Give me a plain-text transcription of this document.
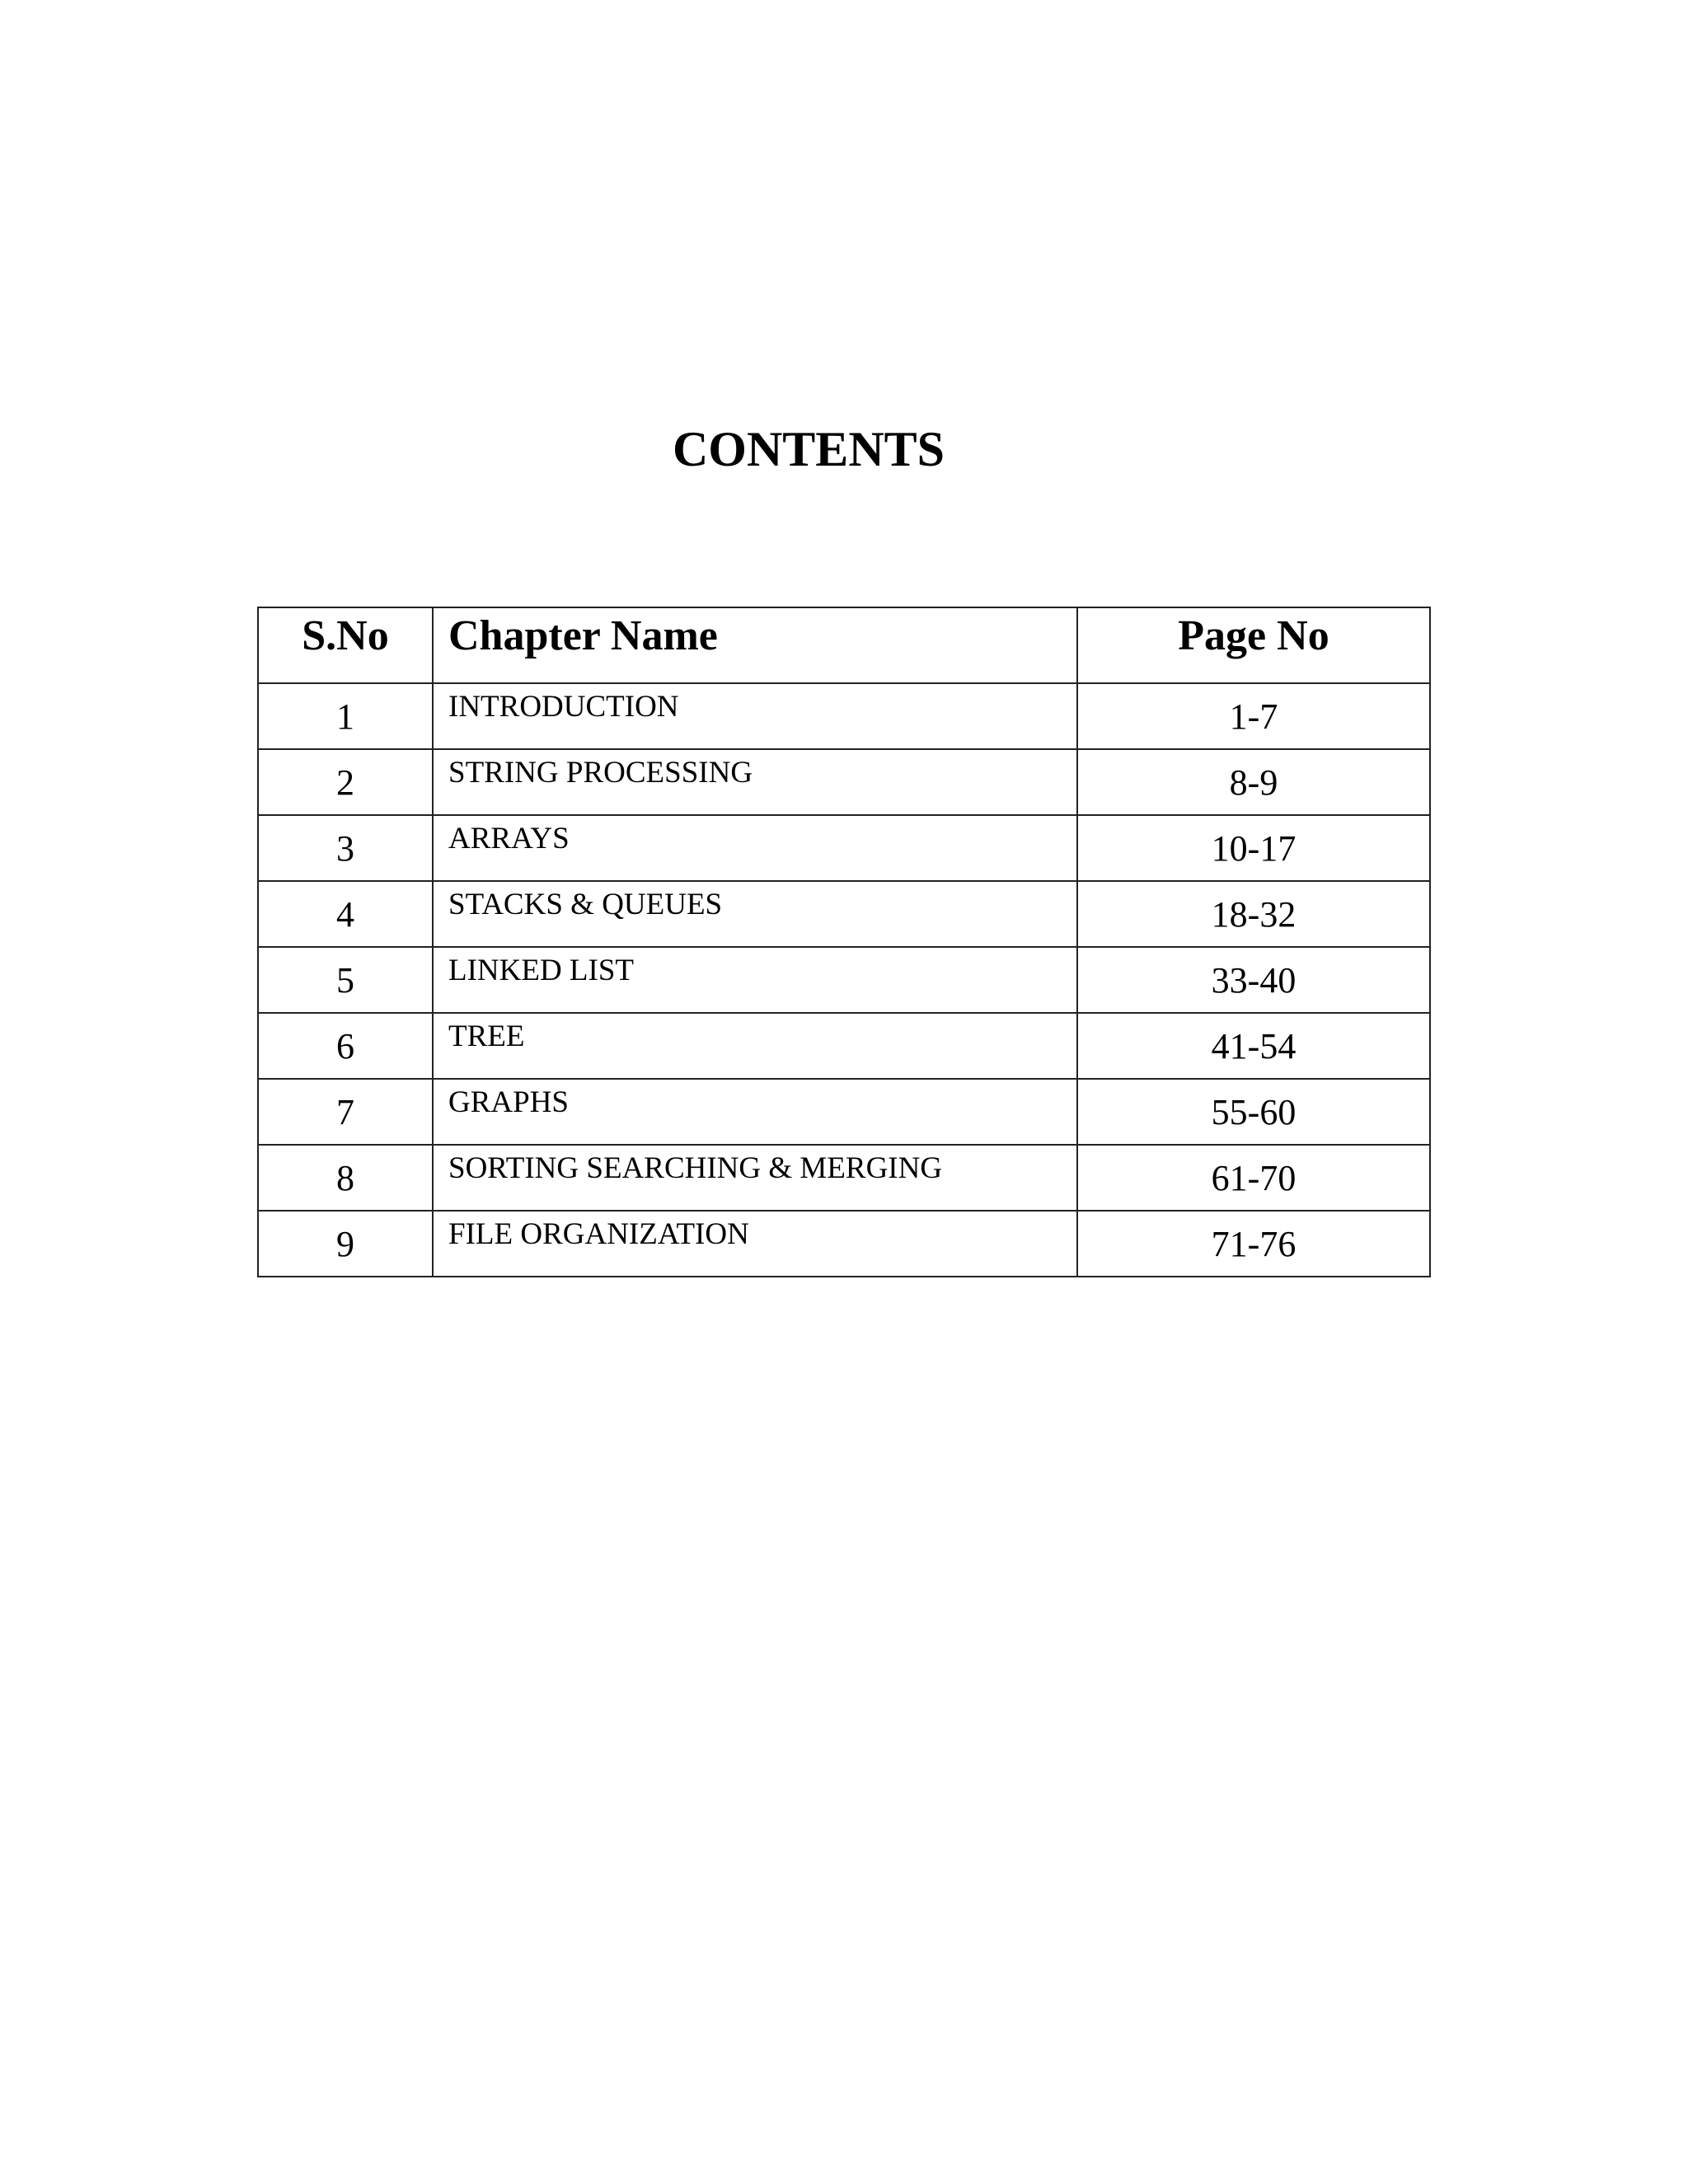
CONTENTS
S.No	Chapter Name	Page No
1	INTRODUCTION	1-7
2	STRING PROCESSING	8-9
3	ARRAYS	10-17
4	STACKS & QUEUES	18-32
5	LINKED LIST	33-40
6	TREE	41-54
7	GRAPHS	55-60
8	SORTING SEARCHING & MERGING	61-70
9	FILE ORGANIZATION	71-76
